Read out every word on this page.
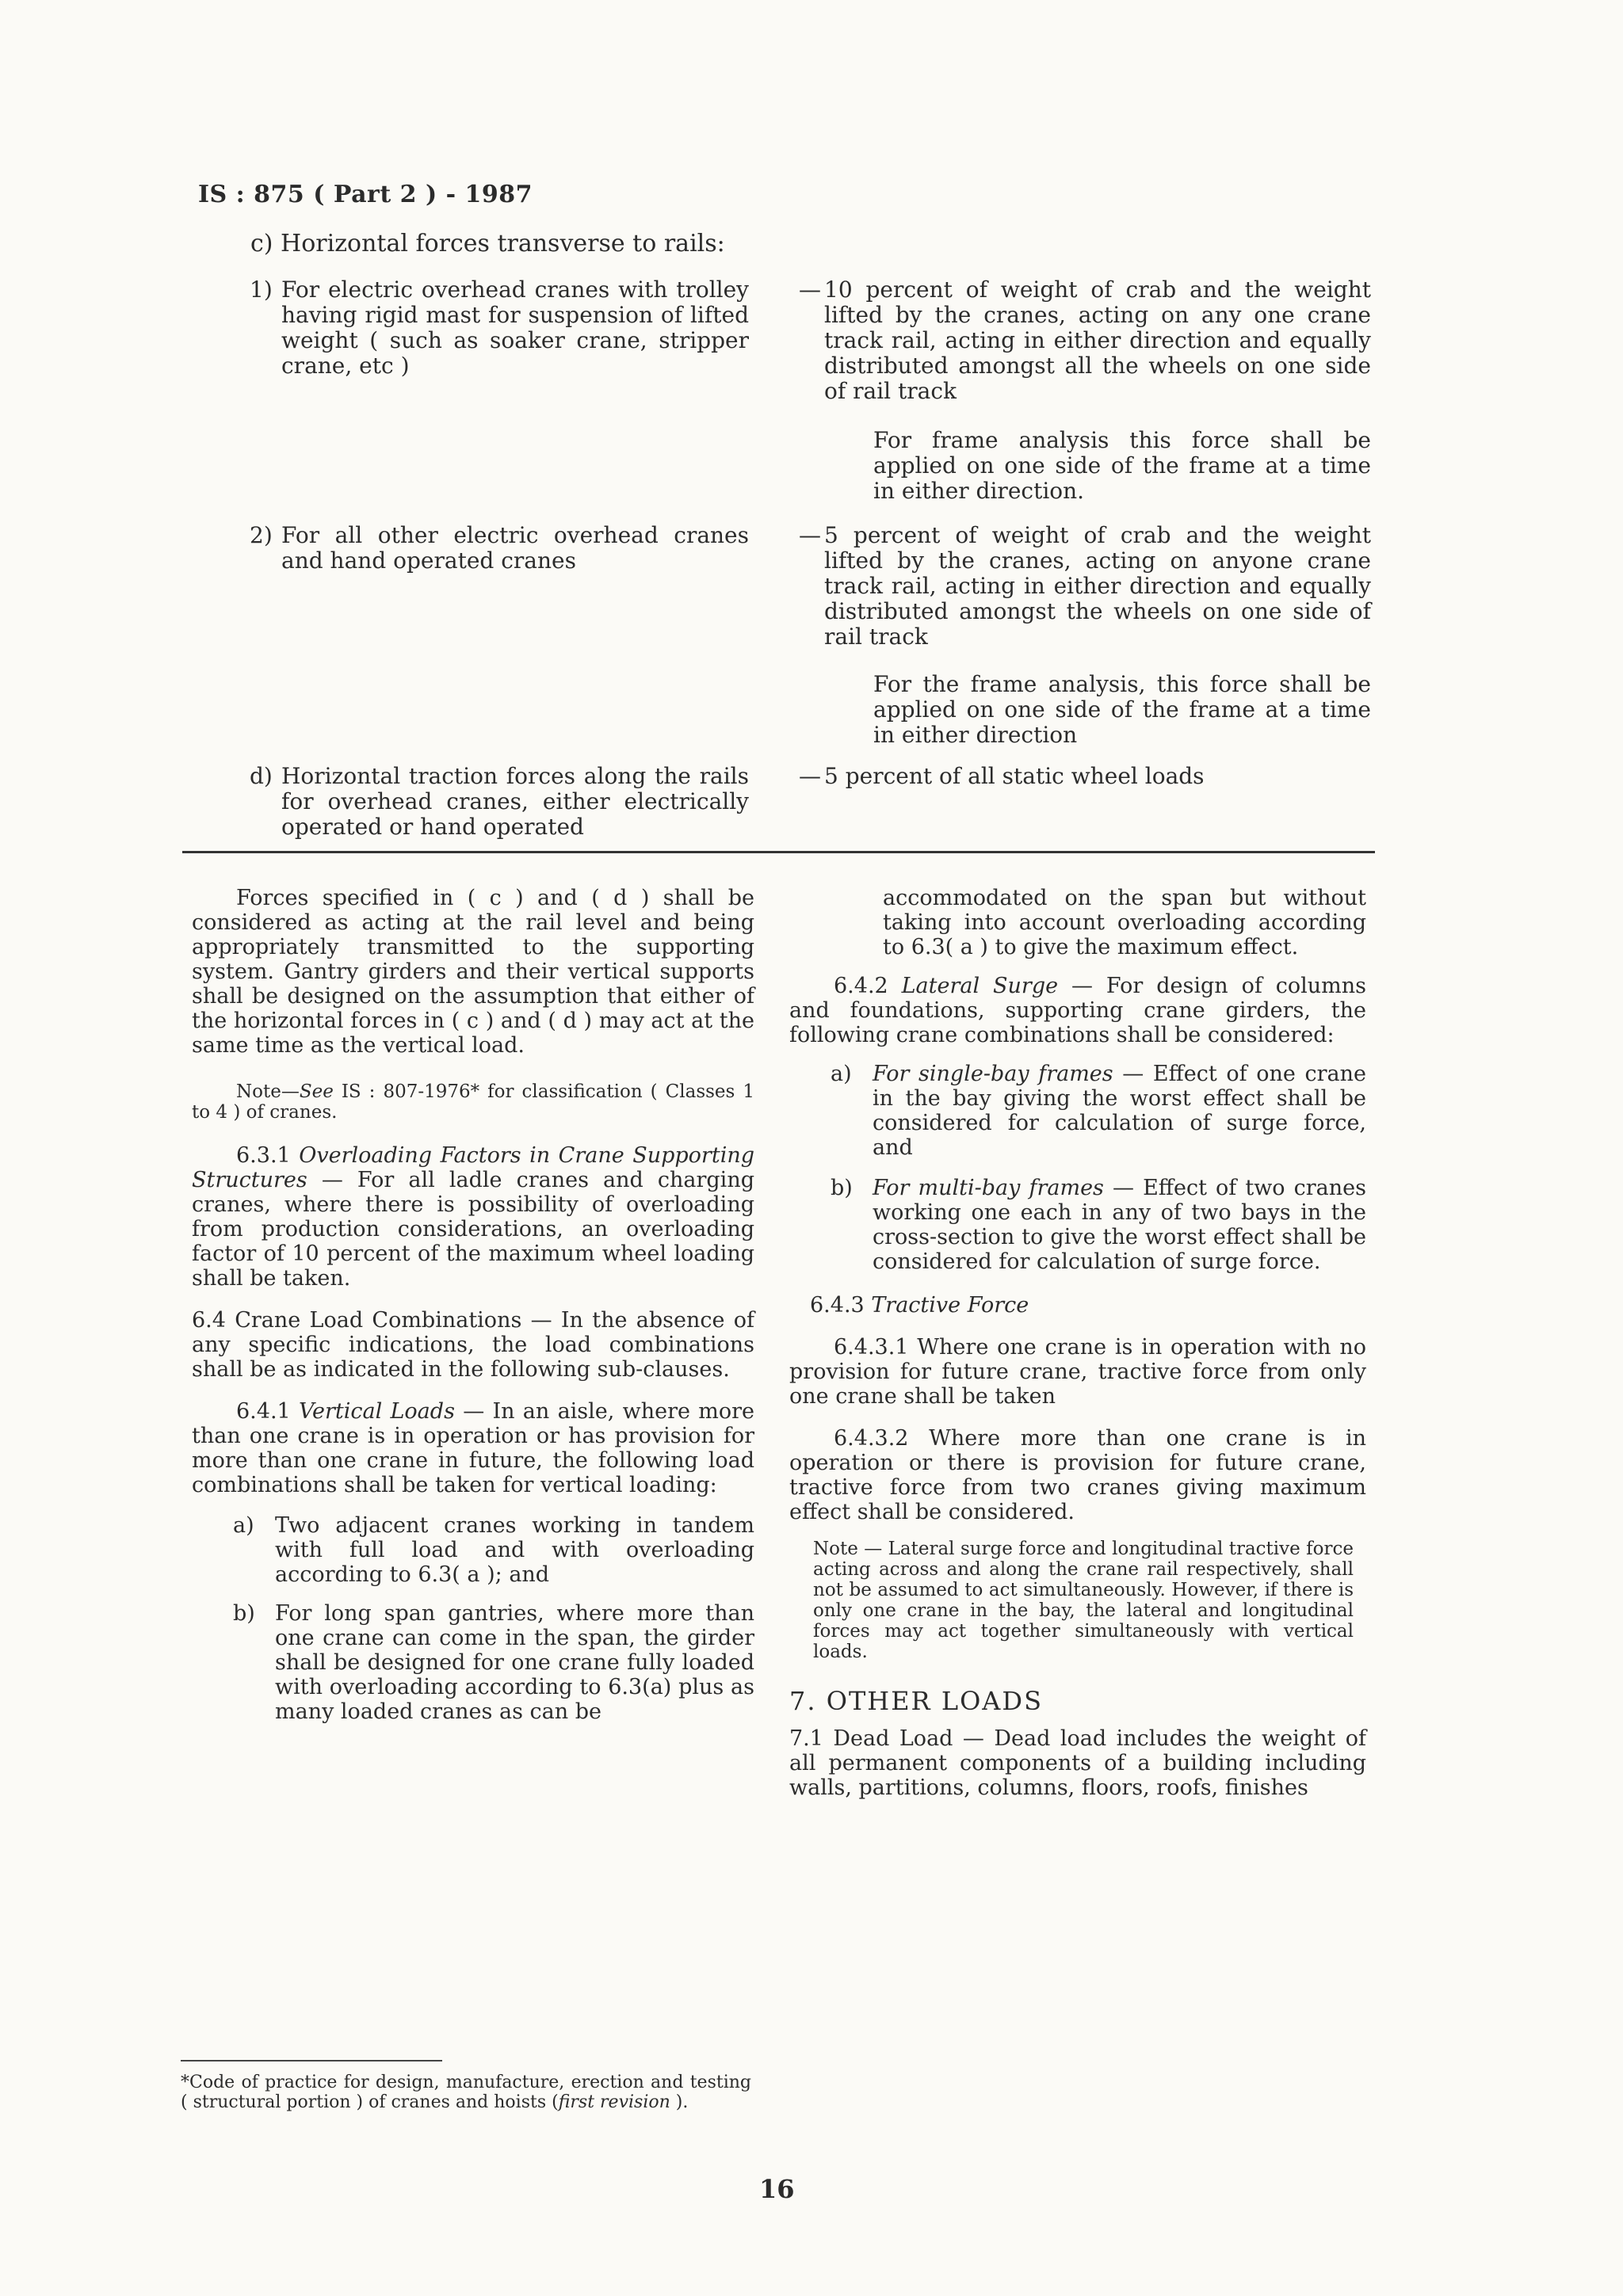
IS : 875 ( Part 2 ) - 1987
c) Horizontal forces transverse to rails:
1) For electric overhead cranes with trolley having rigid mast for suspension of lifted weight ( such as soaker crane, stripper crane, etc )
— 10 percent of weight of crab and the weight lifted by the cranes, acting on any one crane track rail, acting in either direction and equally distributed amongst all the wheels on one side of rail track
For frame analysis this force shall be applied on one side of the frame at a time in either direction.
2) For all other electric overhead cranes and hand operated cranes
— 5 percent of weight of crab and the weight lifted by the cranes, acting on anyone crane track rail, acting in either direction and equally distributed amongst the wheels on one side of rail track
For the frame analysis, this force shall be applied on one side of the frame at a time in either direction
d) Horizontal traction forces along the rails for overhead cranes, either electrically operated or hand operated
— 5 percent of all static wheel loads

Forces specified in ( c ) and ( d ) shall be considered as acting at the rail level and being appropriately transmitted to the supporting system. Gantry girders and their vertical supports shall be designed on the assumption that either of the horizontal forces in ( c ) and ( d ) may act at the same time as the vertical load.

Note—See IS : 807-1976* for classification ( Classes 1 to 4 ) of cranes.

6.3.1 Overloading Factors in Crane Supporting Structures — For all ladle cranes and charging cranes, where there is possibility of overloading from production considerations, an overloading factor of 10 percent of the maximum wheel loading shall be taken.

6.4 Crane Load Combinations — In the absence of any specific indications, the load combinations shall be as indicated in the following sub-clauses.

6.4.1 Vertical Loads — In an aisle, where more than one crane is in operation or has provision for more than one crane in future, the following load combinations shall be taken for vertical loading:

a) Two adjacent cranes working in tandem with full load and with overloading according to 6.3( a ); and

b) For long span gantries, where more than one crane can come in the span, the girder shall be designed for one crane fully loaded with overloading according to 6.3(a) plus as many loaded cranes as can be

accommodated on the span but without taking into account overloading according to 6.3( a ) to give the maximum effect.

6.4.2 Lateral Surge — For design of columns and foundations, supporting crane girders, the following crane combinations shall be considered:

a) For single-bay frames — Effect of one crane in the bay giving the worst effect shall be considered for calculation of surge force, and

b) For multi-bay frames — Effect of two cranes working one each in any of two bays in the cross-section to give the worst effect shall be considered for calculation of surge force.

6.4.3 Tractive Force

6.4.3.1 Where one crane is in operation with no provision for future crane, tractive force from only one crane shall be taken

6.4.3.2 Where more than one crane is in operation or there is provision for future crane, tractive force from two cranes giving maximum effect shall be considered.

Note — Lateral surge force and longitudinal tractive force acting across and along the crane rail respectively, shall not be assumed to act simultaneously. However, if there is only one crane in the bay, the lateral and longitudinal forces may act together simultaneously with vertical loads.

7. OTHER LOADS

7.1 Dead Load — Dead load includes the weight of all permanent components of a building including walls, partitions, columns, floors, roofs, finishes

*Code of practice for design, manufacture, erection and testing ( structural portion ) of cranes and hoists (first revision ).
16
